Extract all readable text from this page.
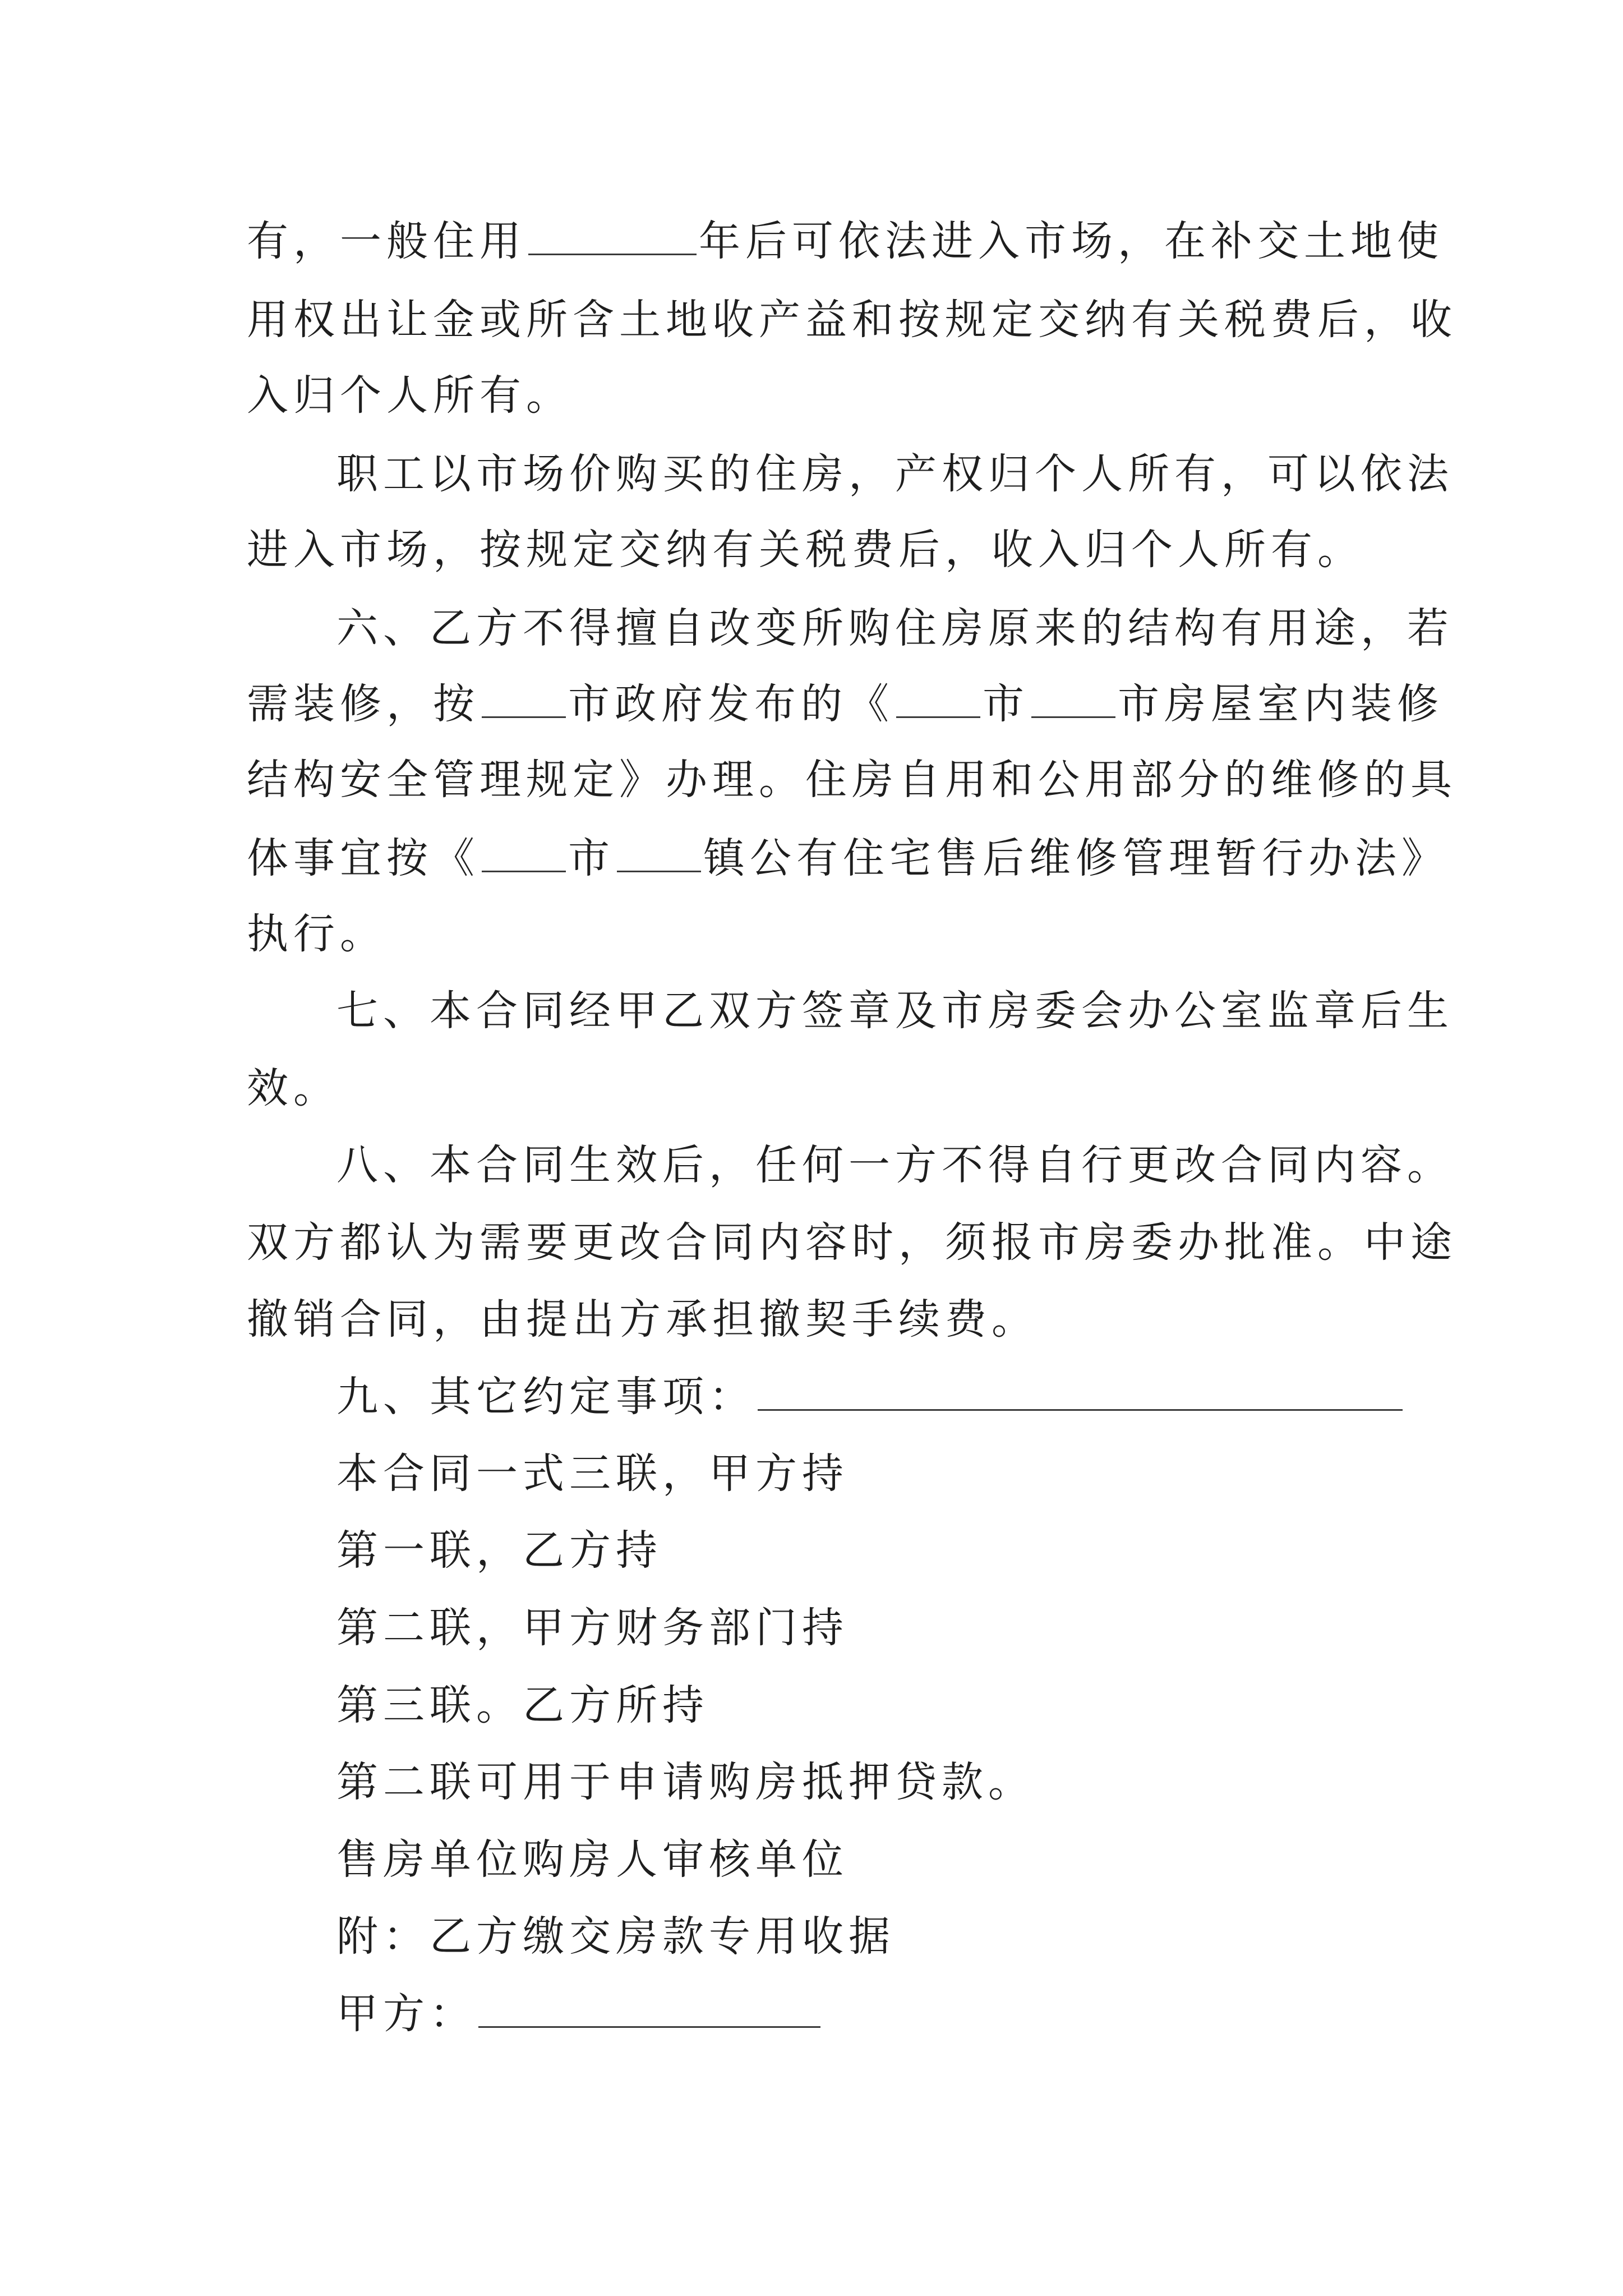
有，一般住用	年后可依法进入市场，在补交土地使
用权出让金或所含土地收产益和按规定交纳有关税费后，收
入归个人所有。
职工以市场价购买的住房，产权归个人所有，可以依法
进入市场，按规定交纳有关税费后，收入归个人所有。
六、乙方不得擅自改变所购住房原来的结构有用途，若
需装修，按 市政府发布的《 市 市房屋室内装修
结构安全管理规定》办理。住房自用和公用部分的维修的具
体事宜按《 市 镇公有住宅售后维修管理暂行办法》
执行。
七、本合同经甲乙双方签章及市房委会办公室监章后生
效。
八、本合同生效后，任何一方不得自行更改合同内容。
双方都认为需要更改合同内容时，须报市房委办批准。中途
撤销合同，由提出方承担撤契手续费。
九、其它约定事项：
本合同一式三联，甲方持
第一联，乙方持
第二联，甲方财务部门持
第三联。乙方所持
第二联可用于申请购房抵押贷款。
售房单位购房人审核单位
附：乙方缴交房款专用收据
甲方：
